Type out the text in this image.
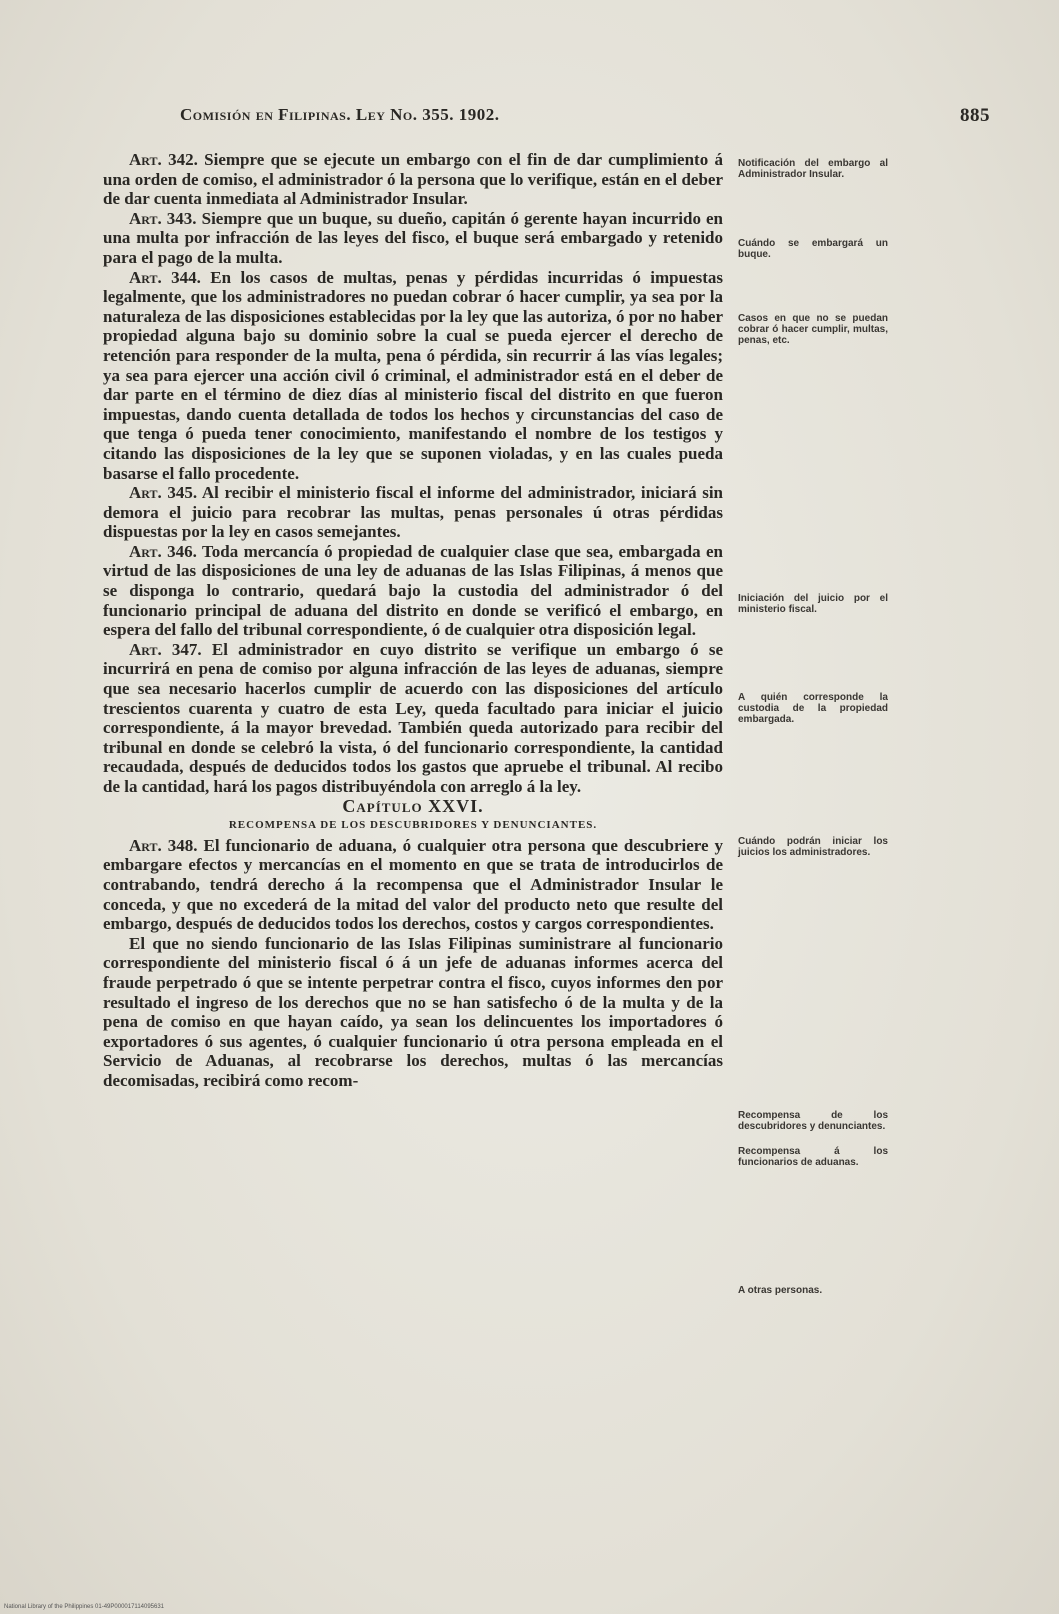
Comisión en Filipinas. Ley No. 355. 1902.	885

Art. 342. Siempre que se ejecute un embargo con el fin de dar cumplimiento á una orden de comiso, el administrador ó la persona que lo verifique, están en el deber de dar cuenta inmediata al Administrador Insular.

Art. 343. Siempre que un buque, su dueño, capitán ó gerente hayan incurrido en una multa por infracción de las leyes del fisco, el buque será embargado y retenido para el pago de la multa.

Art. 344. En los casos de multas, penas y pérdidas incurridas ó impuestas legalmente, que los administradores no puedan cobrar ó hacer cumplir, ya sea por la naturaleza de las disposiciones establecidas por la ley que las autoriza, ó por no haber propiedad alguna bajo su dominio sobre la cual se pueda ejercer el derecho de retención para responder de la multa, pena ó pérdida, sin recurrir á las vías legales; ya sea para ejercer una acción civil ó criminal, el administrador está en el deber de dar parte en el término de diez días al ministerio fiscal del distrito en que fueron impuestas, dando cuenta detallada de todos los hechos y circunstancias del caso de que tenga ó pueda tener conocimiento, manifestando el nombre de los testigos y citando las disposiciones de la ley que se suponen violadas, y en las cuales pueda basarse el fallo procedente.

Art. 345. Al recibir el ministerio fiscal el informe del administrador, iniciará sin demora el juicio para recobrar las multas, penas personales ú otras pérdidas dispuestas por la ley en casos semejantes.

Art. 346. Toda mercancía ó propiedad de cualquier clase que sea, embargada en virtud de las disposiciones de una ley de aduanas de las Islas Filipinas, á menos que se disponga lo contrario, quedará bajo la custodia del administrador ó del funcionario principal de aduana del distrito en donde se verificó el embargo, en espera del fallo del tribunal correspondiente, ó de cualquier otra disposición legal.

Art. 347. El administrador en cuyo distrito se verifique un embargo ó se incurrirá en pena de comiso por alguna infracción de las leyes de aduanas, siempre que sea necesario hacerlos cumplir de acuerdo con las disposiciones del artículo trescientos cuarenta y cuatro de esta Ley, queda facultado para iniciar el juicio correspondiente, á la mayor brevedad. También queda autorizado para recibir del tribunal en donde se celebró la vista, ó del funcionario correspondiente, la cantidad recaudada, después de deducidos todos los gastos que apruebe el tribunal. Al recibo de la cantidad, hará los pagos distribuyéndola con arreglo á la ley.

Capítulo XXVI.

RECOMPENSA DE LOS DESCUBRIDORES Y DENUNCIANTES.

Art. 348. El funcionario de aduana, ó cualquier otra persona que descubriere y embargare efectos y mercancías en el momento en que se trata de introducirlos de contrabando, tendrá derecho á la recompensa que el Administrador Insular le conceda, y que no excederá de la mitad del valor del producto neto que resulte del embargo, después de deducidos todos los derechos, costos y cargos correspondientes.

El que no siendo funcionario de las Islas Filipinas suministrare al funcionario correspondiente del ministerio fiscal ó á un jefe de aduanas informes acerca del fraude perpetrado ó que se intente perpetrar contra el fisco, cuyos informes den por resultado el ingreso de los derechos que no se han satisfecho ó de la multa y de la pena de comiso en que hayan caído, ya sean los delincuentes los importadores ó exportadores ó sus agentes, ó cualquier funcionario ú otra persona empleada en el Servicio de Aduanas, al recobrarse los derechos, multas ó las mercancías decomisadas, recibirá como recom-

Notificación del embargo al Administrador Insular.
Cuándo se embargará un buque.
Casos en que no se puedan cobrar ó hacer cumplir, multas, penas, etc.
Iniciación del juicio por el ministerio fiscal.
A quién corresponde la custodia de la propiedad embargada.
Cuándo podrán iniciar los juicios los administradores.
Recompensa de los descubridores y denunciantes.
Recompensa á los funcionarios de aduanas.
A otras personas.
National Library of the Philippines 01-49P000017114095631
